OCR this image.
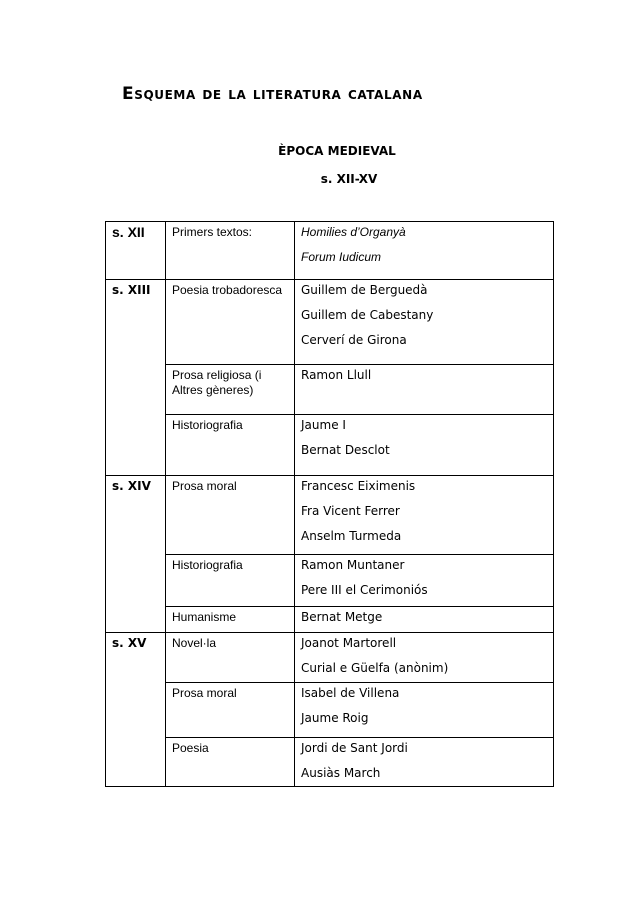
Esquema de la literatura catalana
ÈPOCA MEDIEVAL
s. XII-XV
s. XII	Primers textos:	Homilies d’Organyà
Forum Iudicum

s. XIII	Poesia trobadoresca	Guillem de Berguedà
Guillem de Cabestany
Cerverí de Girona

	Prosa religiosa (i Altres gèneres)	Ramon Llull

	Historiografia	Jaume I
Bernat Desclot

s. XIV	Prosa moral	Francesc Eiximenis
Fra Vicent Ferrer
Anselm Turmeda

	Historiografia	Ramon Muntaner
Pere III el Cerimoniós

	Humanisme	Bernat Metge

s. XV	Novel·la	Joanot Martorell
Curial e Güelfa (anònim)

	Prosa moral	Isabel de Villena
Jaume Roig

	Poesia	Jordi de Sant Jordi
Ausiàs March
